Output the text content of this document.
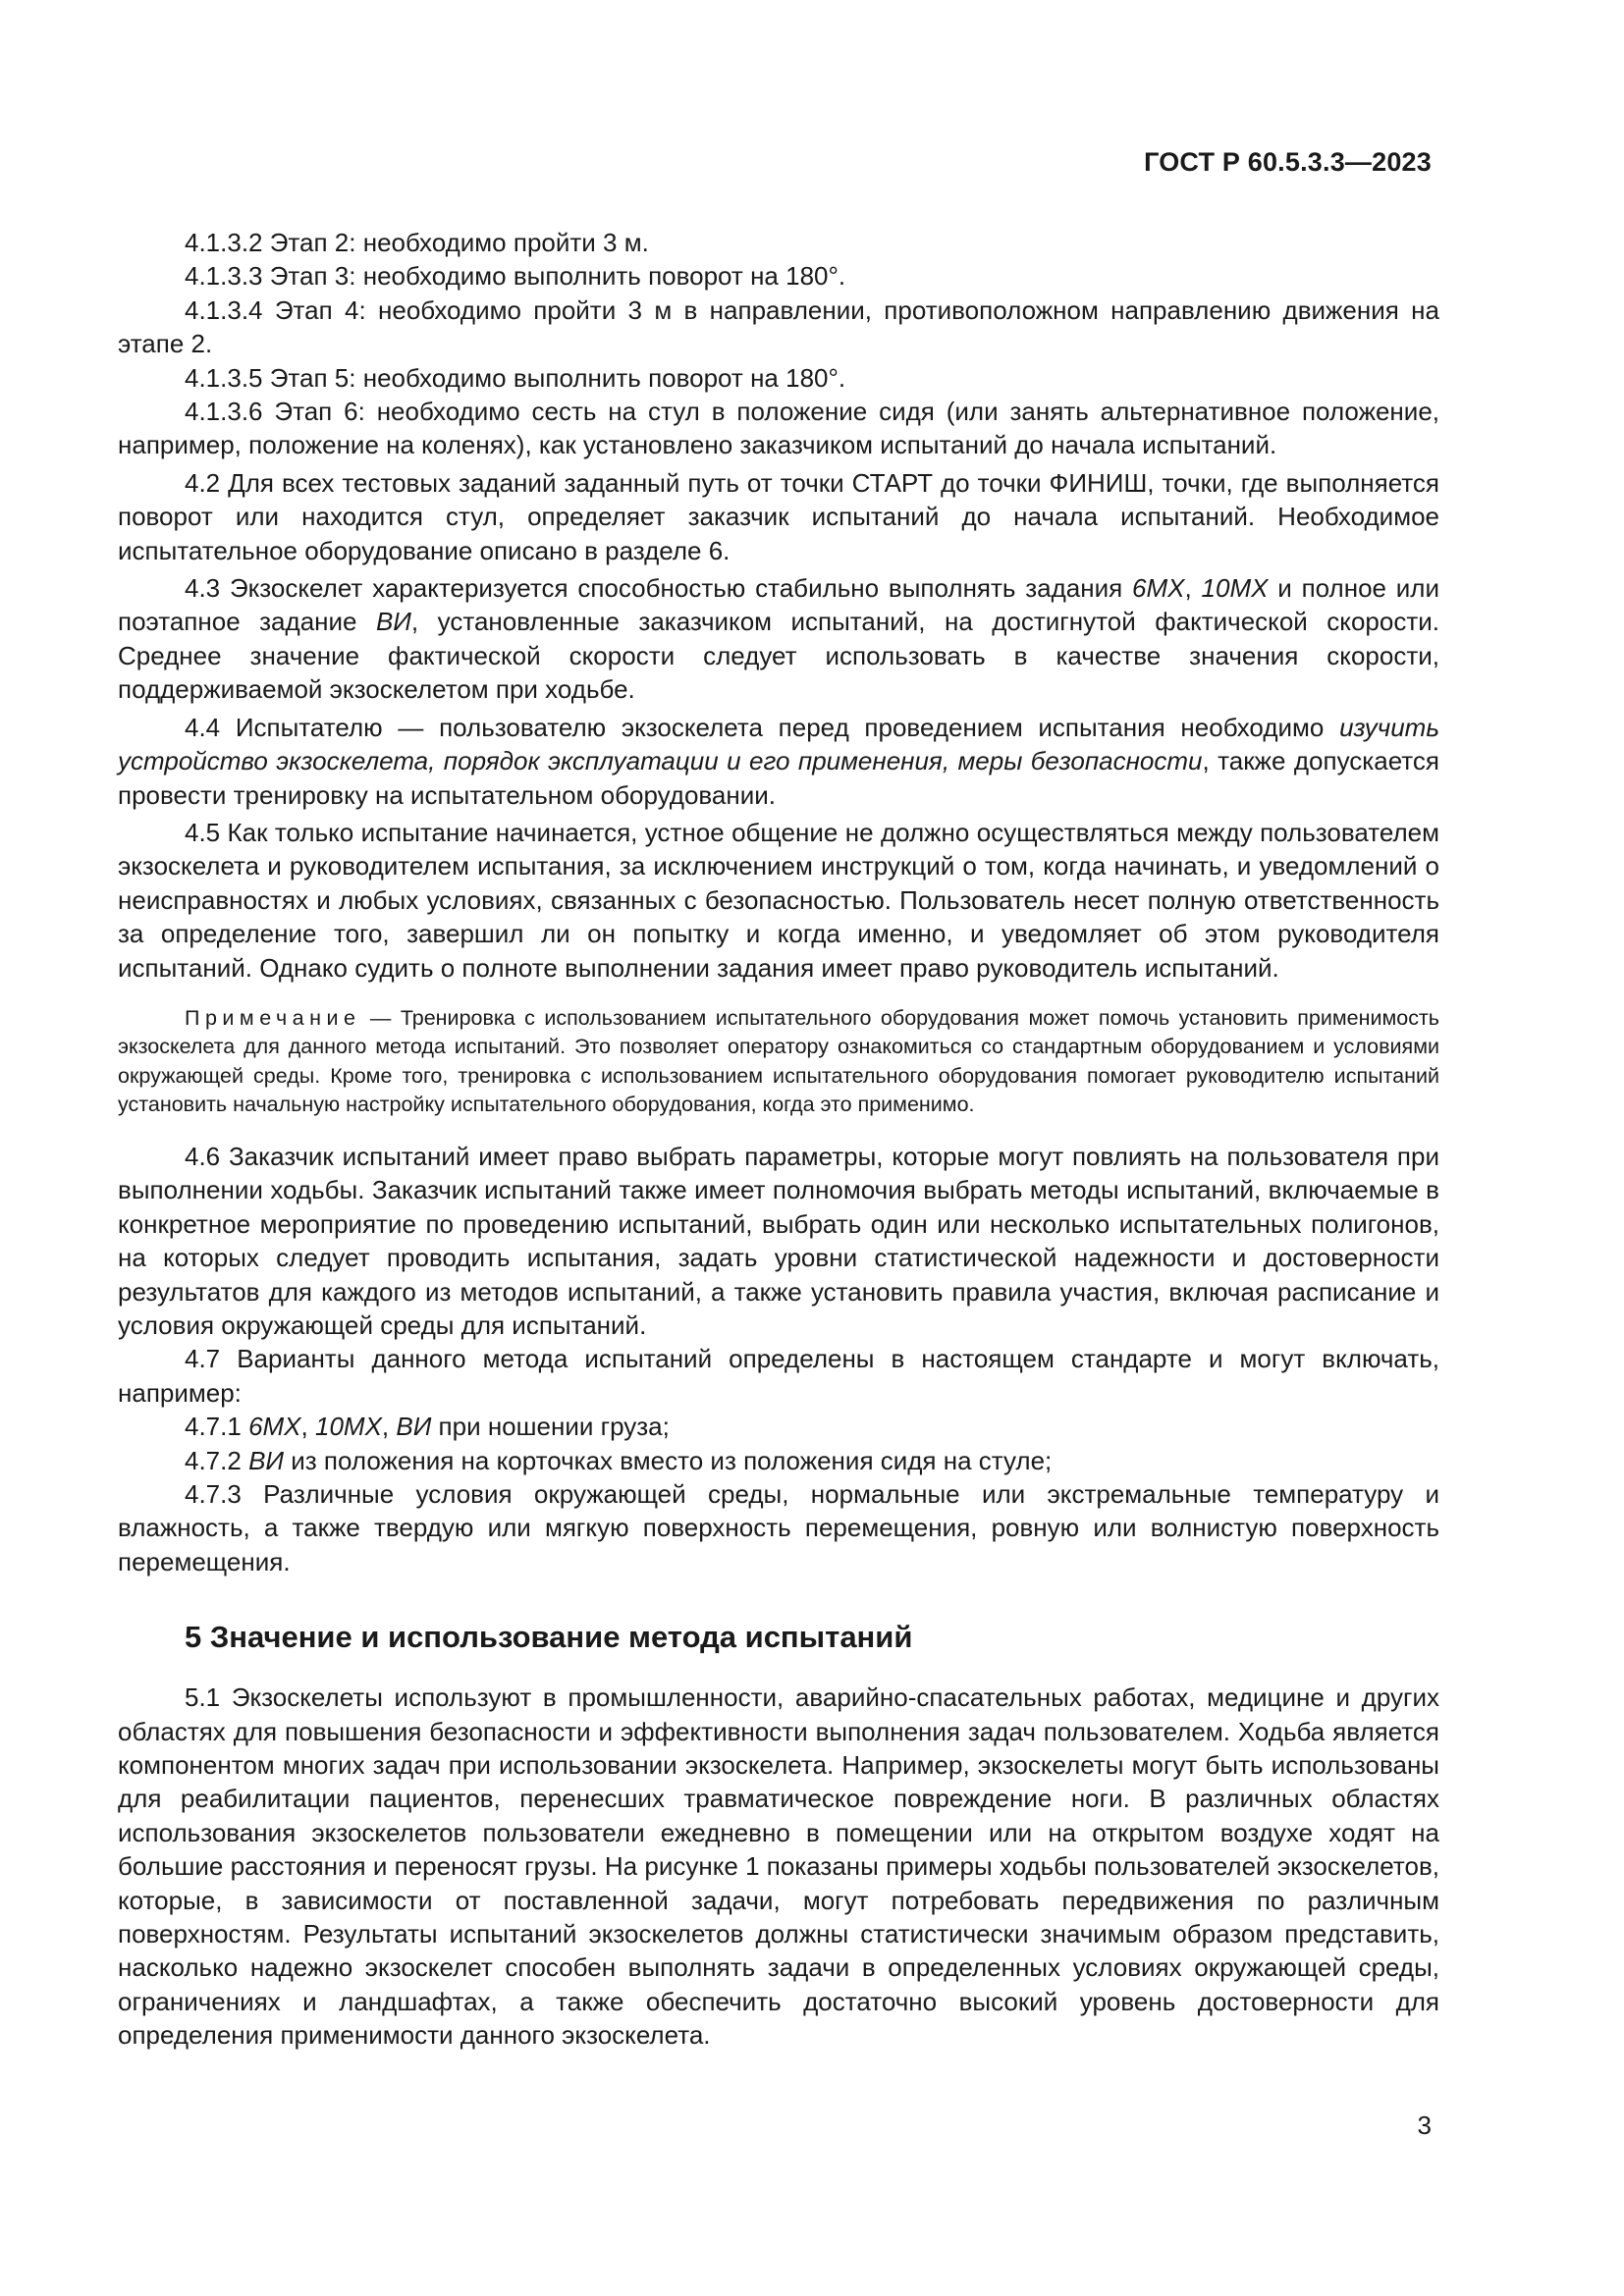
ГОСТ Р 60.5.3.3—2023

4.1.3.2 Этап 2: необходимо пройти 3 м.

4.1.3.3 Этап 3: необходимо выполнить поворот на 180°.

4.1.3.4 Этап 4: необходимо пройти 3 м в направлении, противоположном направлению движения на этапе 2.

4.1.3.5 Этап 5: необходимо выполнить поворот на 180°.

4.1.3.6 Этап 6: необходимо сесть на стул в положение сидя (или занять альтернативное положение, например, положение на коленях), как установлено заказчиком испытаний до начала испытаний.

4.2 Для всех тестовых заданий заданный путь от точки СТАРТ до точки ФИНИШ, точки, где выполняется поворот или находится стул, определяет заказчик испытаний до начала испытаний. Необходимое испытательное оборудование описано в разделе 6.

4.3 Экзоскелет характеризуется способностью стабильно выполнять задания 6МХ, 10МХ и полное или поэтапное задание ВИ, установленные заказчиком испытаний, на достигнутой фактической скорости. Среднее значение фактической скорости следует использовать в качестве значения скорости, поддерживаемой экзоскелетом при ходьбе.

4.4 Испытателю — пользователю экзоскелета перед проведением испытания необходимо изучить устройство экзоскелета, порядок эксплуатации и его применения, меры безопасности, также допускается провести тренировку на испытательном оборудовании.

4.5 Как только испытание начинается, устное общение не должно осуществляться между пользователем экзоскелета и руководителем испытания, за исключением инструкций о том, когда начинать, и уведомлений о неисправностях и любых условиях, связанных с безопасностью. Пользователь несет полную ответственность за определение того, завершил ли он попытку и когда именно, и уведомляет об этом руководителя испытаний. Однако судить о полноте выполнении задания имеет право руководитель испытаний.

Примечание — Тренировка с использованием испытательного оборудования может помочь установить применимость экзоскелета для данного метода испытаний. Это позволяет оператору ознакомиться со стандартным оборудованием и условиями окружающей среды. Кроме того, тренировка с использованием испытательного оборудования помогает руководителю испытаний установить начальную настройку испытательного оборудования, когда это применимо.

4.6 Заказчик испытаний имеет право выбрать параметры, которые могут повлиять на пользователя при выполнении ходьбы. Заказчик испытаний также имеет полномочия выбрать методы испытаний, включаемые в конкретное мероприятие по проведению испытаний, выбрать один или несколько испытательных полигонов, на которых следует проводить испытания, задать уровни статистической надежности и достоверности результатов для каждого из методов испытаний, а также установить правила участия, включая расписание и условия окружающей среды для испытаний.

4.7 Варианты данного метода испытаний определены в настоящем стандарте и могут включать, например:

4.7.1 6МХ, 10МХ, ВИ при ношении груза;

4.7.2 ВИ из положения на корточках вместо из положения сидя на стуле;

4.7.3 Различные условия окружающей среды, нормальные или экстремальные температуру и влажность, а также твердую или мягкую поверхность перемещения, ровную или волнистую поверхность перемещения.

5 Значение и использование метода испытаний

5.1 Экзоскелеты используют в промышленности, аварийно-спасательных работах, медицине и других областях для повышения безопасности и эффективности выполнения задач пользователем. Ходьба является компонентом многих задач при использовании экзоскелета. Например, экзоскелеты могут быть использованы для реабилитации пациентов, перенесших травматическое повреждение ноги. В различных областях использования экзоскелетов пользователи ежедневно в помещении или на открытом воздухе ходят на большие расстояния и переносят грузы. На рисунке 1 показаны примеры ходьбы пользователей экзоскелетов, которые, в зависимости от поставленной задачи, могут потребовать передвижения по различным поверхностям. Результаты испытаний экзоскелетов должны статистически значимым образом представить, насколько надежно экзоскелет способен выполнять задачи в определенных условиях окружающей среды, ограничениях и ландшафтах, а также обеспечить достаточно высокий уровень достоверности для определения применимости данного экзоскелета.

3
